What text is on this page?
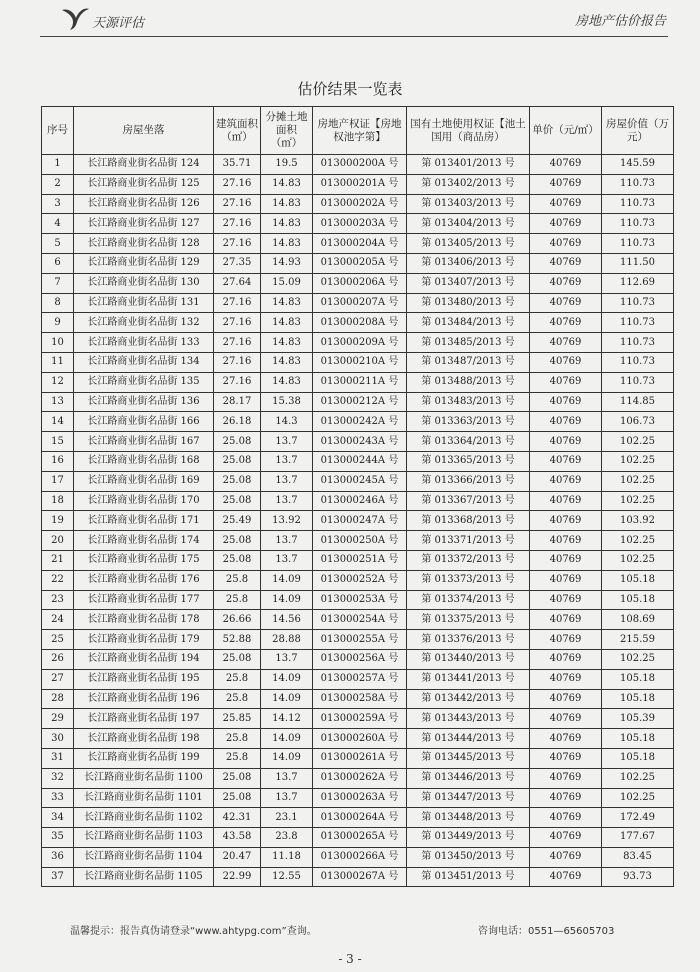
天源评估	房地产估价报告
估价结果一览表
序号	房屋坐落	建筑面积（㎡）	分摊土地面积（㎡）	房地产权证【房地权池字第】	国有土地使用权证【池土国用（商品房）	单价（元/㎡）	房屋价值（万元）
1	长江路商业街名品街 124	35.71	19.5	013000200A 号	第 013401/2013 号	40769	145.59
2	长江路商业街名品街 125	27.16	14.83	013000201A 号	第 013402/2013 号	40769	110.73
3	长江路商业街名品街 126	27.16	14.83	013000202A 号	第 013403/2013 号	40769	110.73
4	长江路商业街名品街 127	27.16	14.83	013000203A 号	第 013404/2013 号	40769	110.73
5	长江路商业街名品街 128	27.16	14.83	013000204A 号	第 013405/2013 号	40769	110.73
6	长江路商业街名品街 129	27.35	14.93	013000205A 号	第 013406/2013 号	40769	111.50
7	长江路商业街名品街 130	27.64	15.09	013000206A 号	第 013407/2013 号	40769	112.69
8	长江路商业街名品街 131	27.16	14.83	013000207A 号	第 013480/2013 号	40769	110.73
9	长江路商业街名品街 132	27.16	14.83	013000208A 号	第 013484/2013 号	40769	110.73
10	长江路商业街名品街 133	27.16	14.83	013000209A 号	第 013485/2013 号	40769	110.73
11	长江路商业街名品街 134	27.16	14.83	013000210A 号	第 013487/2013 号	40769	110.73
12	长江路商业街名品街 135	27.16	14.83	013000211A 号	第 013488/2013 号	40769	110.73
13	长江路商业街名品街 136	28.17	15.38	013000212A 号	第 013483/2013 号	40769	114.85
14	长江路商业街名品街 166	26.18	14.3	013000242A 号	第 013363/2013 号	40769	106.73
15	长江路商业街名品街 167	25.08	13.7	013000243A 号	第 013364/2013 号	40769	102.25
16	长江路商业街名品街 168	25.08	13.7	013000244A 号	第 013365/2013 号	40769	102.25
17	长江路商业街名品街 169	25.08	13.7	013000245A 号	第 013366/2013 号	40769	102.25
18	长江路商业街名品街 170	25.08	13.7	013000246A 号	第 013367/2013 号	40769	102.25
19	长江路商业街名品街 171	25.49	13.92	013000247A 号	第 013368/2013 号	40769	103.92
20	长江路商业街名品街 174	25.08	13.7	013000250A 号	第 013371/2013 号	40769	102.25
21	长江路商业街名品街 175	25.08	13.7	013000251A 号	第 013372/2013 号	40769	102.25
22	长江路商业街名品街 176	25.8	14.09	013000252A 号	第 013373/2013 号	40769	105.18
23	长江路商业街名品街 177	25.8	14.09	013000253A 号	第 013374/2013 号	40769	105.18
24	长江路商业街名品街 178	26.66	14.56	013000254A 号	第 013375/2013 号	40769	108.69
25	长江路商业街名品街 179	52.88	28.88	013000255A 号	第 013376/2013 号	40769	215.59
26	长江路商业街名品街 194	25.08	13.7	013000256A 号	第 013440/2013 号	40769	102.25
27	长江路商业街名品街 195	25.8	14.09	013000257A 号	第 013441/2013 号	40769	105.18
28	长江路商业街名品街 196	25.8	14.09	013000258A 号	第 013442/2013 号	40769	105.18
29	长江路商业街名品街 197	25.85	14.12	013000259A 号	第 013443/2013 号	40769	105.39
30	长江路商业街名品街 198	25.8	14.09	013000260A 号	第 013444/2013 号	40769	105.18
31	长江路商业街名品街 199	25.8	14.09	013000261A 号	第 013445/2013 号	40769	105.18
32	长江路商业街名品街 1100	25.08	13.7	013000262A 号	第 013446/2013 号	40769	102.25
33	长江路商业街名品街 1101	25.08	13.7	013000263A 号	第 013447/2013 号	40769	102.25
34	长江路商业街名品街 1102	42.31	23.1	013000264A 号	第 013448/2013 号	40769	172.49
35	长江路商业街名品街 1103	43.58	23.8	013000265A 号	第 013449/2013 号	40769	177.67
36	长江路商业街名品街 1104	20.47	11.18	013000266A 号	第 013450/2013 号	40769	83.45
37	长江路商业街名品街 1105	22.99	12.55	013000267A 号	第 013451/2013 号	40769	93.73
温馨提示：报告真伪请登录“www.ahtypg.com”查询。	咨询电话：0551—65605703
- 3 -
